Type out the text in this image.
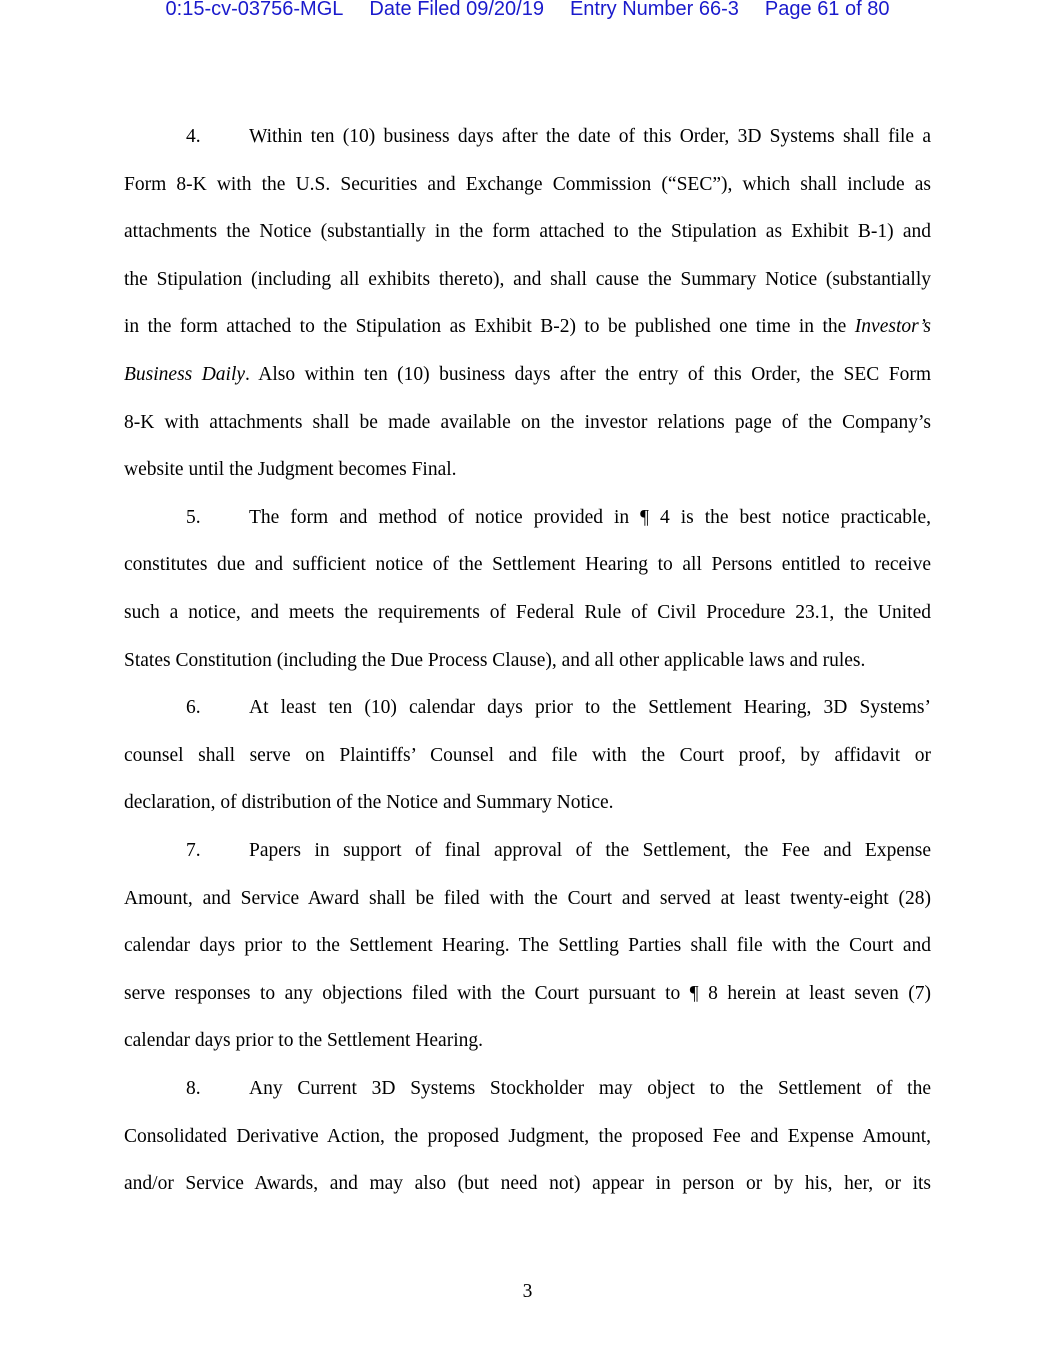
0:15-cv-03756-MGL Date Filed 09/20/19 Entry Number 66-3 Page 61 of 80
4. Within ten (10) business days after the date of this Order, 3D Systems shall file a
Form 8-K with the U.S. Securities and Exchange Commission (“SEC”), which shall include as
attachments the Notice (substantially in the form attached to the Stipulation as Exhibit B-1) and
the Stipulation (including all exhibits thereto), and shall cause the Summary Notice (substantially
in the form attached to the Stipulation as Exhibit B-2) to be published one time in the Investor’s
Business Daily. Also within ten (10) business days after the entry of this Order, the SEC Form
8-K with attachments shall be made available on the investor relations page of the Company’s
website until the Judgment becomes Final.
5. The form and method of notice provided in ¶ 4 is the best notice practicable,
constitutes due and sufficient notice of the Settlement Hearing to all Persons entitled to receive
such a notice, and meets the requirements of Federal Rule of Civil Procedure 23.1, the United
States Constitution (including the Due Process Clause), and all other applicable laws and rules.
6. At least ten (10) calendar days prior to the Settlement Hearing, 3D Systems’
counsel shall serve on Plaintiffs’ Counsel and file with the Court proof, by affidavit or
declaration, of distribution of the Notice and Summary Notice.
7. Papers in support of final approval of the Settlement, the Fee and Expense
Amount, and Service Award shall be filed with the Court and served at least twenty-eight (28)
calendar days prior to the Settlement Hearing. The Settling Parties shall file with the Court and
serve responses to any objections filed with the Court pursuant to ¶ 8 herein at least seven (7)
calendar days prior to the Settlement Hearing.
8. Any Current 3D Systems Stockholder may object to the Settlement of the
Consolidated Derivative Action, the proposed Judgment, the proposed Fee and Expense Amount,
and/or Service Awards, and may also (but need not) appear in person or by his, her, or its
3
